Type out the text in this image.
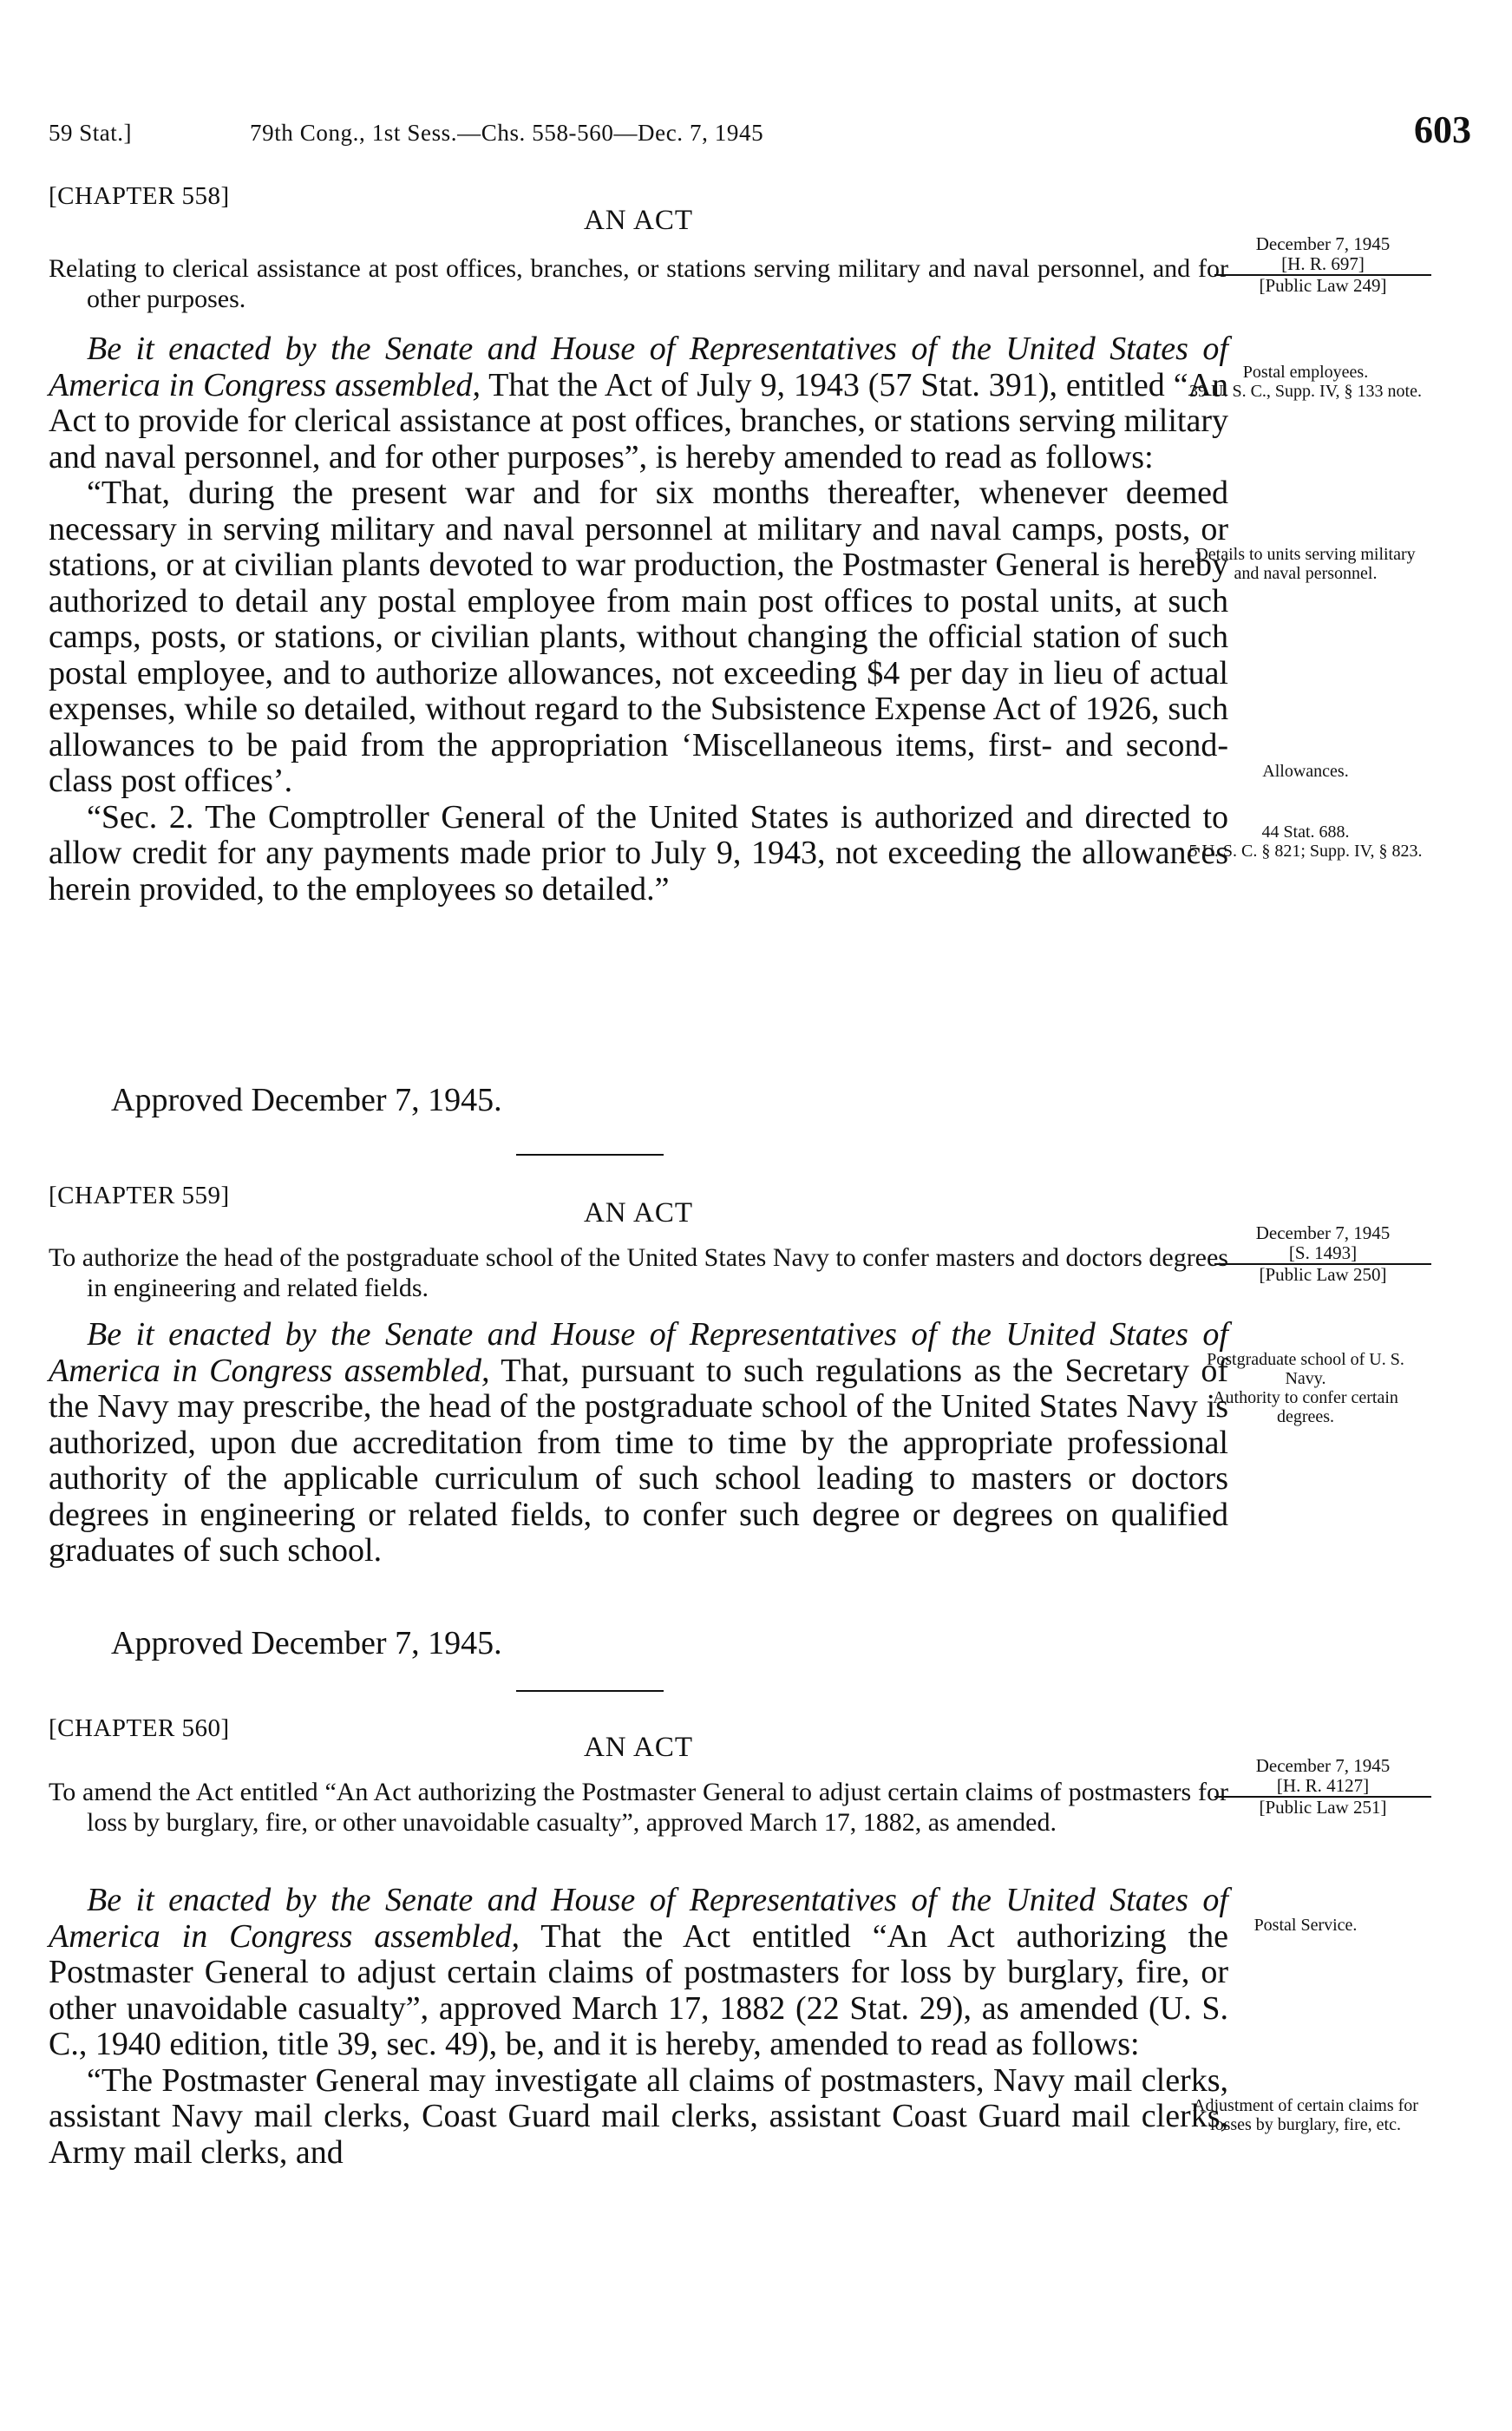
59 Stat.]	79th Cong., 1st Sess.—Chs. 558-560—Dec. 7, 1945	603
[CHAPTER 558]
AN ACT
Relating to clerical assistance at post offices, branches, or stations serving military and naval personnel, and for other purposes.

Be it enacted by the Senate and House of Representatives of the United States of America in Congress assembled, That the Act of July 9, 1943 (57 Stat. 391), entitled “An Act to provide for clerical assistance at post offices, branches, or stations serving military and naval personnel, and for other purposes”, is hereby amended to read as follows:

“That, during the present war and for six months thereafter, whenever deemed necessary in serving military and naval personnel at military and naval camps, posts, or stations, or at civilian plants devoted to war production, the Postmaster General is hereby authorized to detail any postal employee from main post offices to postal units, at such camps, posts, or stations, or civilian plants, without changing the official station of such postal employee, and to authorize allowances, not exceeding $4 per day in lieu of actual expenses, while so detailed, without regard to the Subsistence Expense Act of 1926, such allowances to be paid from the appropriation ‘Miscellaneous items, first- and second-class post offices’.

“Sec. 2. The Comptroller General of the United States is authorized and directed to allow credit for any payments made prior to July 9, 1943, not exceeding the allowances herein provided, to the employees so detailed.”

Approved December 7, 1945.
December 7, 1945
[H. R. 697]
[Public Law 249]
Postal employees.
39 U. S. C., Supp. IV, § 133 note.
Details to units serving military and naval personnel.
Allowances.
44 Stat. 688.
5 U. S. C. § 821; Supp. IV, § 823.
[CHAPTER 559]
AN ACT
To authorize the head of the postgraduate school of the United States Navy to confer masters and doctors degrees in engineering and related fields.

Be it enacted by the Senate and House of Representatives of the United States of America in Congress assembled, That, pursuant to such regulations as the Secretary of the Navy may prescribe, the head of the postgraduate school of the United States Navy is authorized, upon due accreditation from time to time by the appropriate professional authority of the applicable curriculum of such school leading to masters or doctors degrees in engineering or related fields, to confer such degree or degrees on qualified graduates of such school.

Approved December 7, 1945.
December 7, 1945
[S. 1493]
[Public Law 250]
Postgraduate school of U. S. Navy.
Authority to confer certain degrees.
[CHAPTER 560]
AN ACT
To amend the Act entitled “An Act authorizing the Postmaster General to adjust certain claims of postmasters for loss by burglary, fire, or other unavoidable casualty”, approved March 17, 1882, as amended.

Be it enacted by the Senate and House of Representatives of the United States of America in Congress assembled, That the Act entitled “An Act authorizing the Postmaster General to adjust certain claims of postmasters for loss by burglary, fire, or other unavoidable casualty”, approved March 17, 1882 (22 Stat. 29), as amended (U. S. C., 1940 edition, title 39, sec. 49), be, and it is hereby, amended to read as follows:

“The Postmaster General may investigate all claims of postmasters, Navy mail clerks, assistant Navy mail clerks, Coast Guard mail clerks, assistant Coast Guard mail clerks, Army mail clerks, and

December 7, 1945
[H. R. 4127]
[Public Law 251]
Postal Service.
Adjustment of certain claims for losses by burglary, fire, etc.
